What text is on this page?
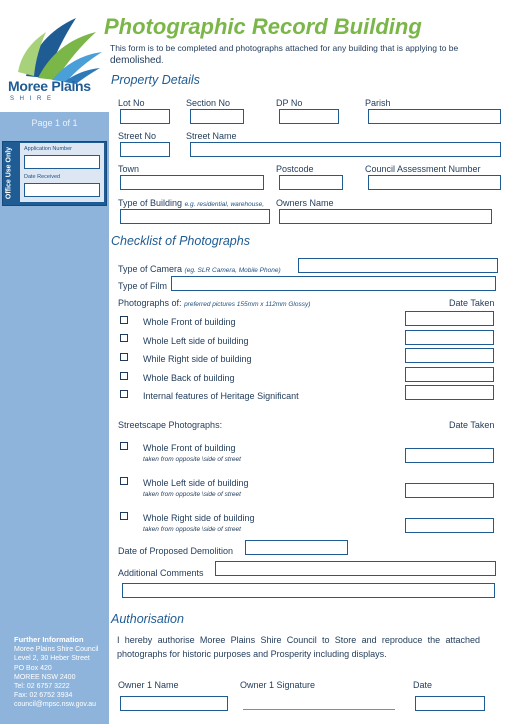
Moree Plains
S H I R E
Page 1 of 1
Office Use Only Application Number
Date Received
Further Information
Moree Plains Shire Council
Level 2, 30 Heber Street
PO Box 420
MOREE NSW 2400
Tel: 02 6757 3222
Fax: 02 6752 3934
council@mpsc.nsw.gov.au
Photographic Record Building
This form is to be completed and photographs attached for any building that is applying to be
demolished.
Property Details
Lot No	Section No	DP No	Parish
Street No	Street Name
Town	Postcode	Council Assessment Number
Type of Building e.g. residential, warehouse, Owners Name
Checklist of Photographs
Type of Camera (eg. SLR Camera, Mobile Phone)
Type of Film
Photographs of: preferred pictures 155mm x 112mm Glossy)	Date Taken
Whole Front of building
Whole Left side of building
While Right side of building
Whole Back of building
Internal features of Heritage Significant
Streetscape Photographs:	Date Taken
Whole Front of building
taken from opposite \side of street
Whole Left side of building
taken from opposite \side of street
Whole Right side of building
taken from opposite \side of street
Date of Proposed Demolition
Additional Comments
Authorisation
I hereby authorise Moree Plains Shire Council to Store and reproduce the attached photographs for historic purposes and Prosperity including displays.
Owner 1 Name	Owner 1 Signature	Date
